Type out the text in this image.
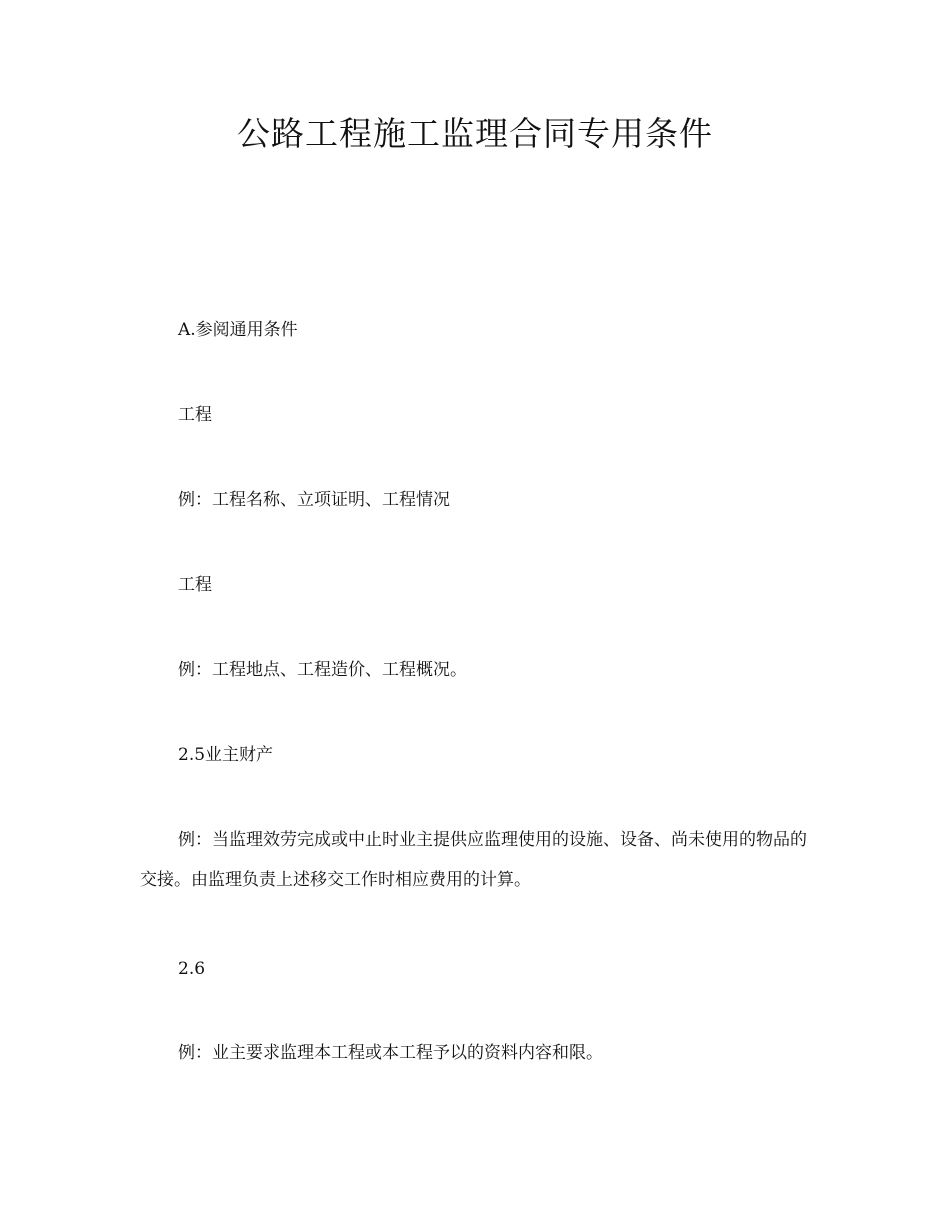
公路工程施工监理合同专用条件

A.参阅通用条件

工程

例：工程名称、立项证明、工程情况

工程

例：工程地点、工程造价、工程概况。

2.5业主财产

例：当监理效劳完成或中止时业主提供应监理使用的设施、设备、尚未使用的物品的交接。由监理负责上述移交工作时相应费用的计算。

2.6

例：业主要求监理本工程或本工程予以的资料内容和限。
